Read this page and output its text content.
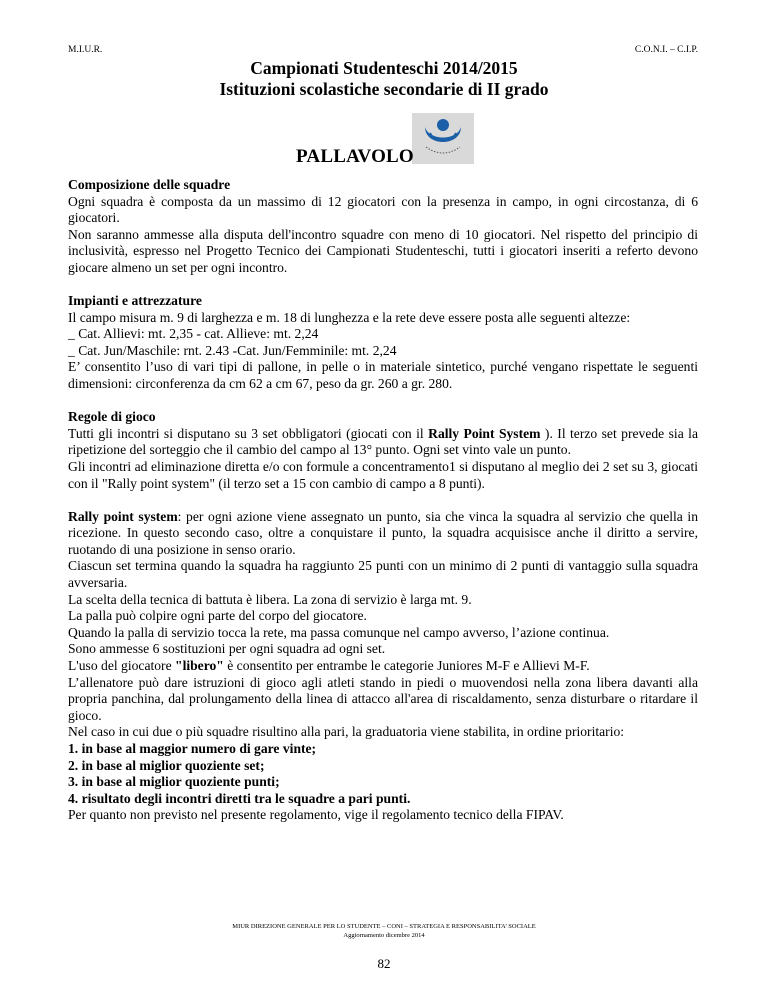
M.I.U.R.	C.O.N.I. – C.I.P.
Campionati Studenteschi 2014/2015
Istituzioni scolastiche secondarie di II grado
PALLAVOLO
Composizione delle squadre

Ogni squadra è composta da un massimo di 12 giocatori con la presenza in campo, in ogni circostanza, di 6 giocatori.

Non saranno ammesse alla disputa dell'incontro squadre con meno di 10 giocatori. Nel rispetto del principio di inclusività, espresso nel Progetto Tecnico dei Campionati Studenteschi, tutti i giocatori inseriti a referto devono giocare almeno un set per ogni incontro.

Impianti e attrezzature

Il campo misura m. 9 di larghezza e m. 18 di lunghezza e la rete deve essere posta alle seguenti altezze:

_ Cat. Allievi: mt. 2,35 - cat. Allieve: mt. 2,24

_ Cat. Jun/Maschile: rnt. 2.43 -Cat. Jun/Femminile: mt. 2,24

E’ consentito l’uso di vari tipi di pallone, in pelle o in materiale sintetico, purché vengano rispettate le seguenti dimensioni: circonferenza da cm 62 a cm 67, peso da gr. 260 a gr. 280.

Regole di gioco

Tutti gli incontri si disputano su 3 set obbligatori (giocati con il Rally Point System ). Il terzo set prevede sia la ripetizione del sorteggio che il cambio del campo al 13° punto. Ogni set vinto vale un punto.

Gli incontri ad eliminazione diretta e/o con formule a concentramento1 si disputano al meglio dei 2 set su 3, giocati con il "Rally point system" (il terzo set a 15 con cambio di campo a 8 punti).

Rally point system: per ogni azione viene assegnato un punto, sia che vinca la squadra al servizio che quella in ricezione. In questo secondo caso, oltre a conquistare il punto, la squadra acquisisce anche il diritto a servire, ruotando di una posizione in senso orario.

Ciascun set termina quando la squadra ha raggiunto 25 punti con un minimo di 2 punti di vantaggio sulla squadra avversaria.

La scelta della tecnica di battuta è libera. La zona di servizio è larga mt. 9.

La palla può colpire ogni parte del corpo del giocatore.

Quando la palla di servizio tocca la rete, ma passa comunque nel campo avverso, l’azione continua.

Sono ammesse 6 sostituzioni per ogni squadra ad ogni set.

L'uso del giocatore "libero" è consentito per entrambe le categorie Juniores M-F e Allievi M-F.

L’allenatore può dare istruzioni di gioco agli atleti stando in piedi o muovendosi nella zona libera davanti alla propria panchina, dal prolungamento della linea di attacco all'area di riscaldamento, senza disturbare o ritardare il gioco.

Nel caso in cui due o più squadre risultino alla pari, la graduatoria viene stabilita, in ordine prioritario:

1. in base al maggior numero di gare vinte;

2. in base al miglior quoziente set;

3. in base al miglior quoziente punti;

4. risultato degli incontri diretti tra le squadre a pari punti.

Per quanto non previsto nel presente regolamento, vige il regolamento tecnico della FIPAV.

MIUR DIREZIONE GENERALE PER LO STUDENTE – CONI – STRATEGIA E RESPONSABILITA’ SOCIALE
Aggiornamento dicembre 2014
82
